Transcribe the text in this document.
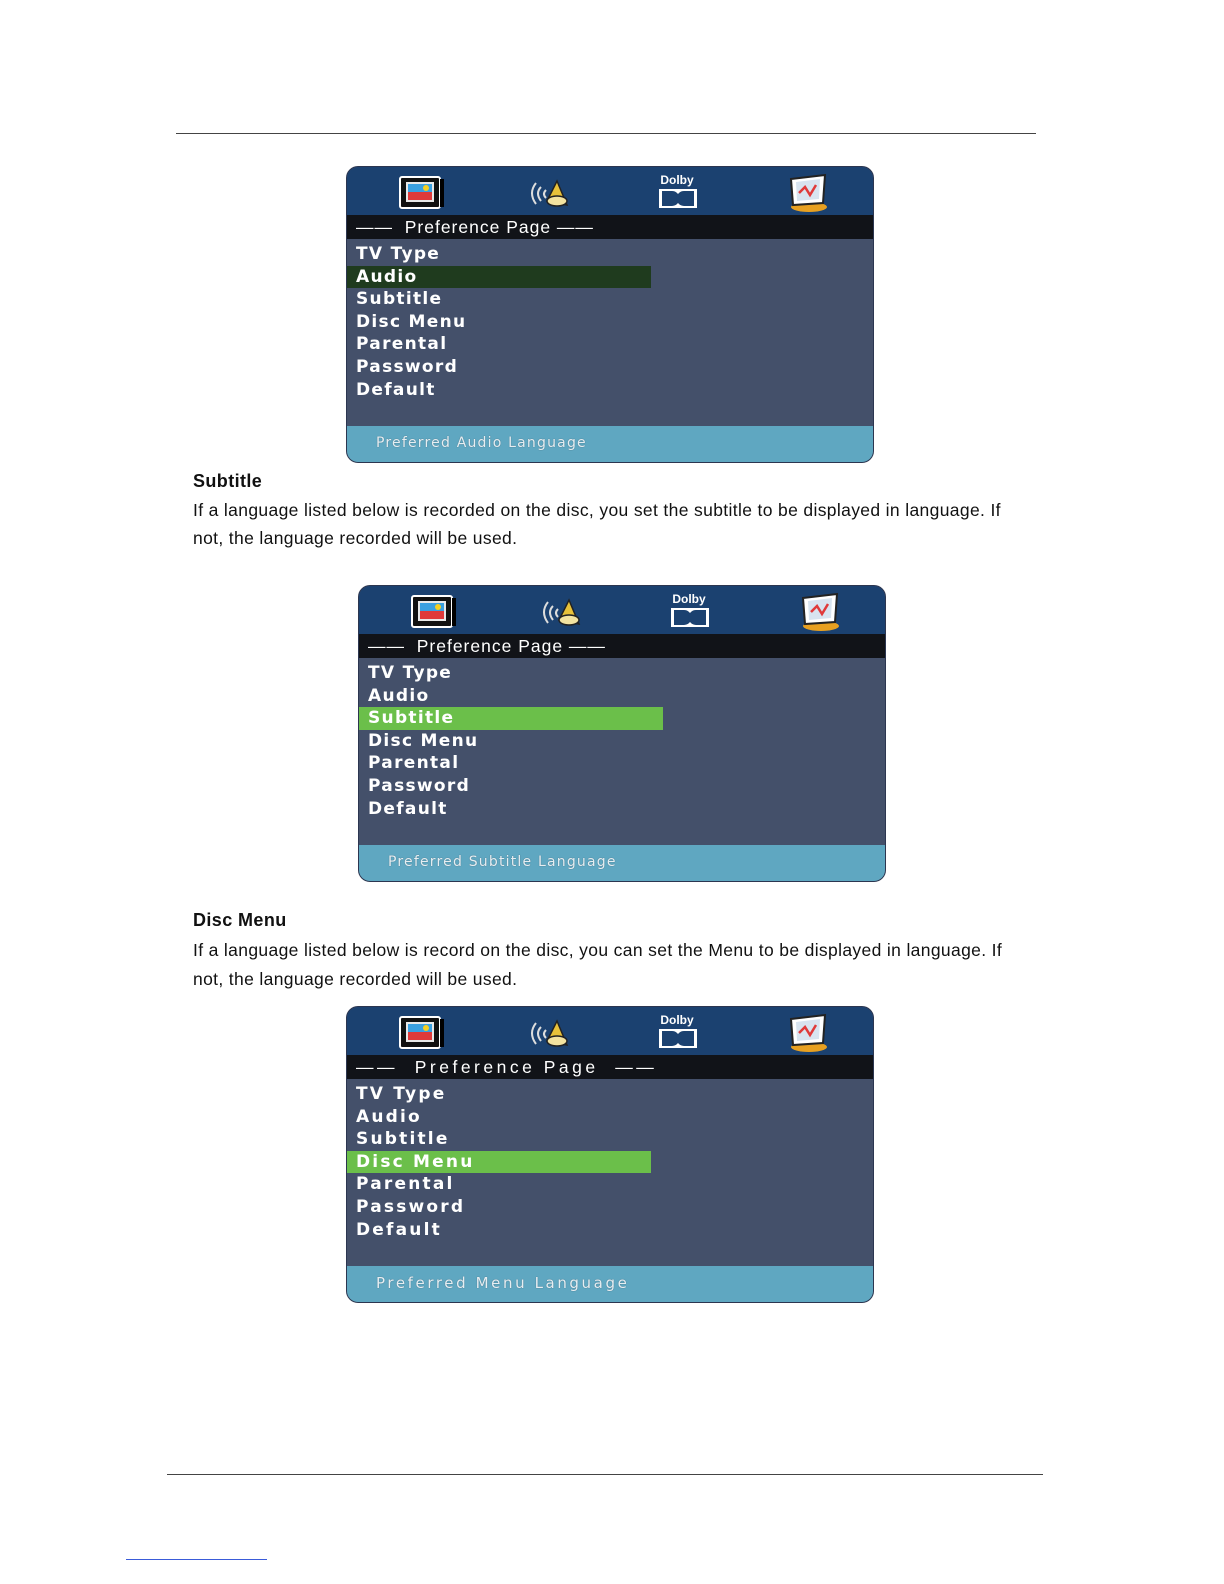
Dolby
——  Preference Page ——
TV Type
Audio
Subtitle
Disc Menu
Parental
Password
Default
Preferred Audio Language
Subtitle
If a language listed below is recorded on the disc, you set the subtitle to be displayed in language. If not, the language recorded will be used.
Dolby
——  Preference Page ——
TV Type
Audio
Subtitle
Disc Menu
Parental
Password
Default
Preferred Subtitle Language
Disc Menu
If a language listed below is record on the disc, you can set the Menu to be displayed in language. If not, the language recorded will be used.
Dolby
——  Preference Page  ——
TV Type
Audio
Subtitle
Disc Menu
Parental
Password
Default
Preferred Menu Language
